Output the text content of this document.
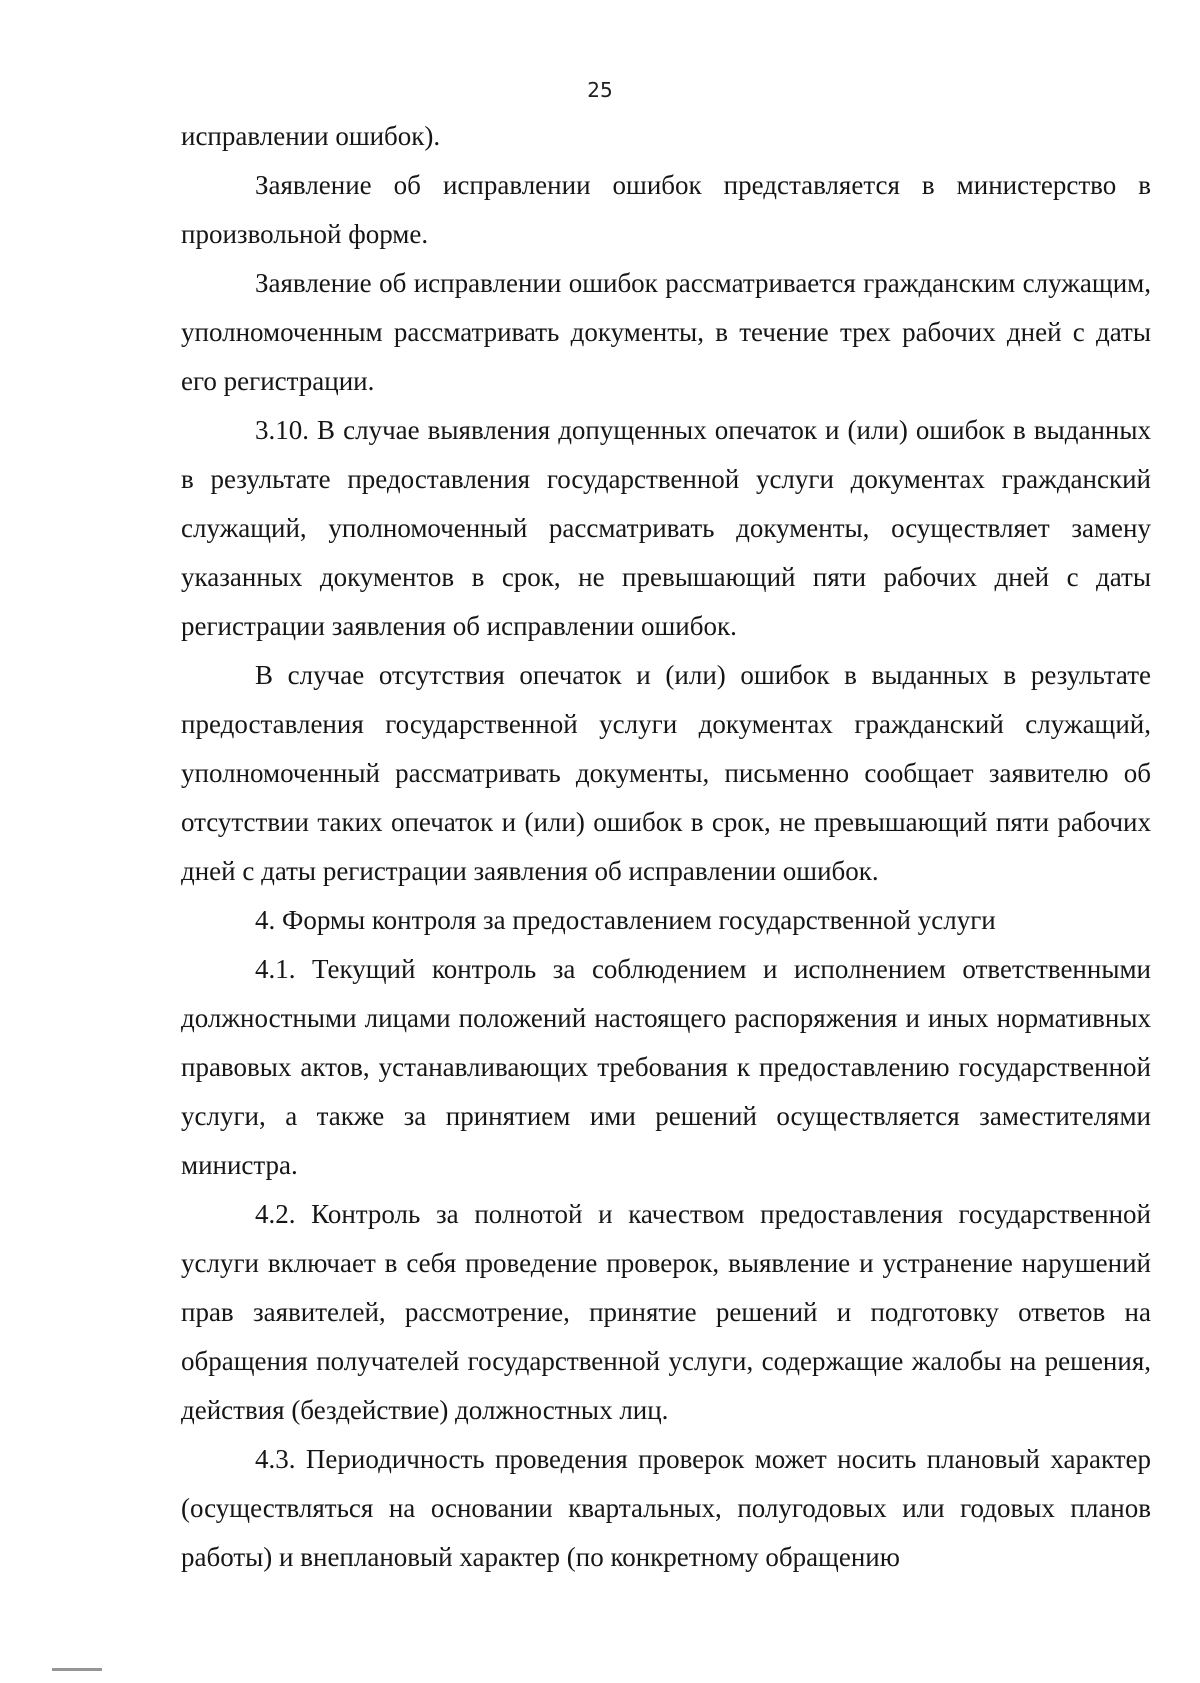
25

исправлении ошибок).

Заявление об исправлении ошибок представляется в министерство в произвольной форме.

Заявление об исправлении ошибок рассматривается гражданским служащим, уполномоченным рассматривать документы, в течение трех рабочих дней с даты его регистрации.

3.10. В случае выявления допущенных опечаток и (или) ошибок в выданных в результате предоставления государственной услуги документах гражданский служащий, уполномоченный рассматривать документы, осуществляет замену указанных документов в срок, не превышающий пяти рабочих дней с даты регистрации заявления об исправлении ошибок.

В случае отсутствия опечаток и (или) ошибок в выданных в результате предоставления государственной услуги документах гражданский служащий, уполномоченный рассматривать документы, письменно сообщает заявителю об отсутствии таких опечаток и (или) ошибок в срок, не превышающий пяти рабочих дней с даты регистрации заявления об исправлении ошибок.

4. Формы контроля за предоставлением государственной услуги

4.1. Текущий контроль за соблюдением и исполнением ответственными должностными лицами положений настоящего распоряжения и иных нормативных правовых актов, устанавливающих требования к предоставлению государственной услуги, а также за принятием ими решений осуществляется заместителями министра.

4.2. Контроль за полнотой и качеством предоставления государственной услуги включает в себя проведение проверок, выявление и устранение нарушений прав заявителей, рассмотрение, принятие решений и подготовку ответов на обращения получателей государственной услуги, содержащие жалобы на решения, действия (бездействие) должностных лиц.

4.3. Периодичность проведения проверок может носить плановый характер (осуществляться на основании квартальных, полугодовых или годовых планов работы) и внеплановый характер (по конкретному обращению
